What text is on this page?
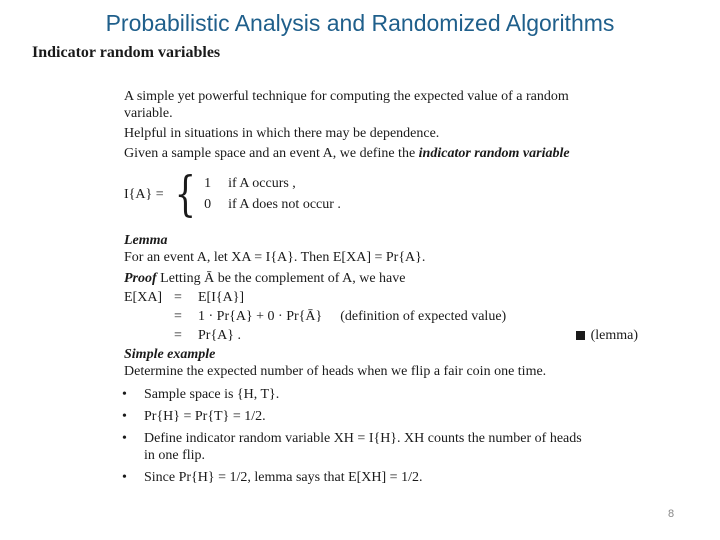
Probabilistic Analysis and Randomized Algorithms
Indicator random variables
A simple yet powerful technique for computing the expected value of a random
variable.
Helpful in situations in which there may be dependence.
Given a sample space and an event A, we define the indicator random variable
I{A} = { 1	if A occurs ,
0	if A does not occur .
Lemma
For an event A, let XA = I{A}. Then E[XA] = Pr{A}.
Proof Letting Ā be the complement of A, we have
E[XA] =	E[I{A}]
=	1 · Pr{A} + 0 · Pr{Ā} (definition of expected value)
=	Pr{A} .	(lemma)
Simple example
Determine the expected number of heads when we flip a fair coin one time.
• Sample space is {H, T}.
• Pr{H} = Pr{T} = 1/2.
• Define indicator random variable XH = I{H}. XH counts the number of heads
in one flip.
• Since Pr{H} = 1/2, lemma says that E[XH] = 1/2.
8
